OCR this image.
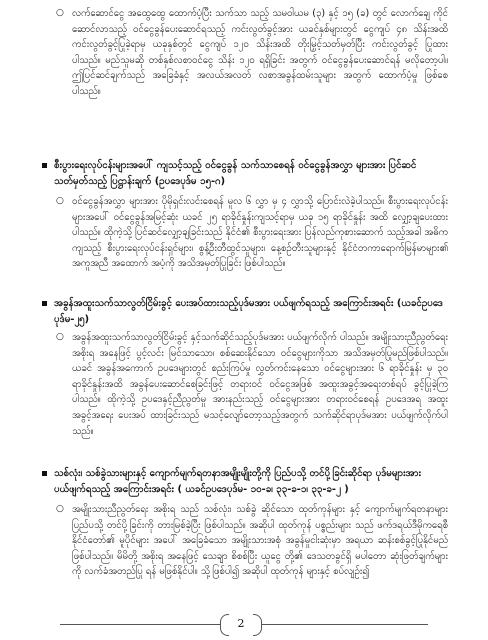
○ လက်ဆောင်ငွေ အထွေထွေ ထောက်ပံ့ပြီး သက်သာ သည့် သမဝါယမ (၃) နှင့် ၁၅ (ခ) တွင် လောက်ချေ ကိုင်ဆောင်လာသည့် ဝင်ငွေခွန်ပေးဆောင်ရသည့် ကင်းလွတ်ခွင့်အား ယခင်နှစ်များတွင် ငွေကျပ် ၄၈ သိန်းအထိ ကင်းလွတ်ခွင့်ပြုခဲ့ရာမှ ယခုနှစ်တွင် ငွေကျပ် ၁၂၀ သိန်းအထိ တိုးမြှင့်သတ်မှတ်ပြီး ကင်းလွတ်ခွင့် ပြုထားပါသည်။ မည်သူမဆို တစ်နှစ်လစာဝင်ငွေ သိန်း ၁၂၀ ရရှိခြင်း အတွက် ဝင်ငွေခွန်ပေးဆောင်ရန် မလိုတော့ပါ။ ဤပြင်ဆင်ချက်သည် အခြေခံနှင့် အလယ်အလတ် လစာအခွန်ထမ်းသူများ အတွက် ထောက်ပံ့မှု ဖြစ်စေပါသည်။

စီးပွားရေးလုပ်ငန်းများအပေါ် ကျသင့်သည့် ဝင်ငွေခွန် သက်သာစေရန် ဝင်ငွေခွန်အလွှာ များအား ပြင်ဆင်သတ်မှတ်သည့် ပြဋ္ဌာန်းချက် (ဥပဒေပုဒ်မ ၁၅-ဂ)
○ ဝင်ငွေခွန်အလွှာ များအား ပိုမိုရှင်းလင်းစေရန် မူလ ၆ လွှာ မှ ၄ လွှာသို့ ပြောင်းလဲခဲ့ပါသည်။ စီးပွားရေးလုပ်ငန်းများအပေါ် ဝင်ငွေခွန်အမြင့်ဆုံး ယခင် ၂၅ ရာခိုင်နှုန်းကျသင့်ရာမှ ယခု ၁၅ ရာခိုင်နှုန်း အထိ လျှော့ချပေးထားပါသည်။ ထိုကဲ့သို့ ပြင်ဆင်လျှော့ချခြင်းသည် နိုင်ငံ၏ စီးပွားရေးအား ပြန်လည်ကုစားဆောက် သည့်အခါ အဓိကကျသည့် စီးပွားရေးလုပ်ငန်းရှင်များ၊ စွန့်ဦးတီထွင်သူများ၊ နေ့စဉ်တီးသူများနှင့် နိုင်ငံတကာရောက်မြန်မာများ၏ အကူအညီ အထောက် အပံ့ကို အသိအမှတ်ပြုခြင်း ဖြစ်ပါသည်။

အခွန်အထူးသက်သာလွတ်ငြိမ်းခွင့် ပေးအပ်ထားသည့်ပုဒ်မအား ပယ်ဖျက်ရသည့် အကြောင်းအရင်း (ယခင်ဥပဒေ ပုဒ်မ-၂၅)
○ အခွန်အထူးသက်သာလွတ်ငြိမ်းခွင့် နှင့်သက်ဆိုင်သည့်ပုဒ်မအား ပယ်ဖျက်လိုက် ပါသည်။ အမျိုးသားညီညွတ်ရေး အစိုးရ အနေဖြင့် ပွင့်လင်း မြင်သာသော၊ စစ်ဆေးနိုင်သော ဝင်ငွေများကိုသာ အသိအမှတ်ပြုမည်ဖြစ်ပါသည်။ ယခင် အခွန်အကောက် ဥပဒေများတွင် စည်းကြပ်မှု လွှတ်ကင်းနေသော ဝင်ငွေများအား ၆ ရာခိုင်နှုန်း မှ ၃၀ ရာခိုင်နှုန်းအထိ အခွန်ပေးဆောင်စေခြင်းဖြင့် တရားဝင် ဝင်ငွေအဖြစ် အထူးအခွင့်အရေးတစ်ရပ် ခွင့်ပြုခဲ့ကြပါသည်။ ထိုကဲ့သို့ ဥပဒေနှင့်ညီညွတ်မှု အားနည်းသည့် ဝင်ငွေများအား တရားဝင်စေရန် ဥပဒေအရ အထူး အခွင့်အရေး ပေးအပ် ထားခြင်းသည် မသင့်လျော်တော့သည့်အတွက် သက်ဆိုင်ရာပုဒ်မအား ပယ်ဖျက်လိုက်ပါသည်။

သစ်လုံး၊ သစ်ခွဲသားများနှင့် ကျောက်မျက်ရတနာအမျိုးမျိုးတို့ကို ပြည်ပသို့ တင်ပို့ခြင်းဆိုင်ရာ ပုဒ်မများအား ပယ်ဖျက်ရသည့် အကြောင်းအရင်း ( ယခင်ဥပဒေပုဒ်မ- ၁၀-ခ၊ ၃၃-ခ-၁၊ ၃၃-ခ-၂ )
○ အမျိုးသားညီညွတ်ရေး အစိုးရ သည် သစ်လုံး၊ သစ်ခွဲ ဆိုင်သော ထုတ်ကုန်များ နှင့် ကျောက်မျက်ရတနာများ ပြည်ပသို့ တင်ပို့ခြင်းကို တားမြစ်ခဲ့ပြီး ဖြစ်ပါသည်။ အဆိုပါ ထုတ်ကုန် ပစ္စည်းများ သည် ဖက်ဒရယ်ဒီမိုကရေစီ နိုင်ငံတော်၏ မူပိုင်များ အပေါ် အခြေခံသော အမျိုးသားအစုံ အခွန်မှုငါးဆုံးမှာ အရယာ ဆန်းစစ်ခွင့်ပြုနိုင်မည် ဖြစ်ပါသည်။ မိမိတို့ အစိုးရ အနေဖြင့် သေချာ စိစစ်ပြီး ယူငွေ တို့၏ ဒေသတခွင်ရှိ မပါတော ဆုံးဖြတ်ချက်များကို လက်ခံအတည်ပြု ရန် မဖြစ်နိုင်ပါ။ သို့ဖြစ်ပါ၍ အဆိုပါ ထုတ်ကုန် များနှင့် စပ်လျဉ်း၍

2
